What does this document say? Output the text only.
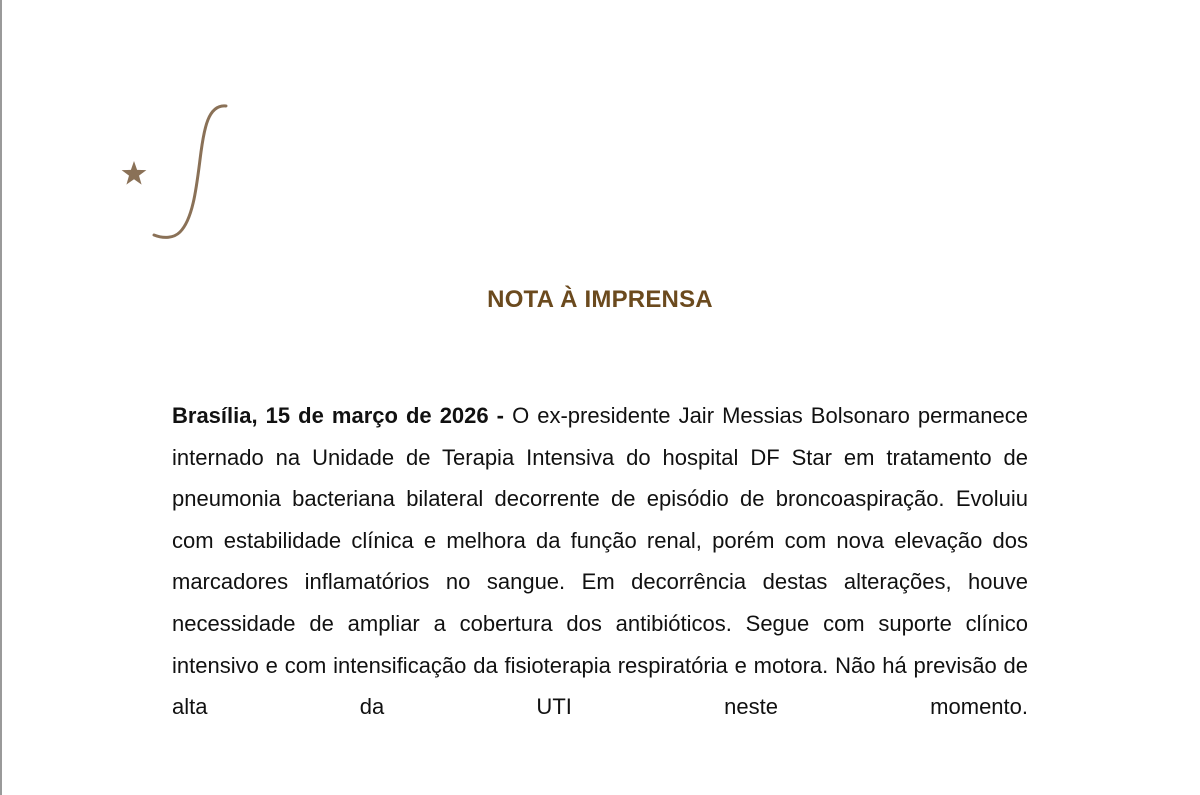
NOTA À IMPRENSA

Brasília, 15 de março de 2026 - O ex-presidente Jair Messias Bolsonaro permanece internado na Unidade de Terapia Intensiva do hospital DF Star em tratamento de pneumonia bacteriana bilateral decorrente de episódio de broncoaspiração. Evoluiu com estabilidade clínica e melhora da função renal, porém com nova elevação dos marcadores inflamatórios no sangue. Em decorrência destas alterações, houve necessidade de ampliar a cobertura dos antibióticos. Segue com suporte clínico intensivo e com intensificação da fisioterapia respiratória e motora. Não há previsão de alta da UTI neste momento.
